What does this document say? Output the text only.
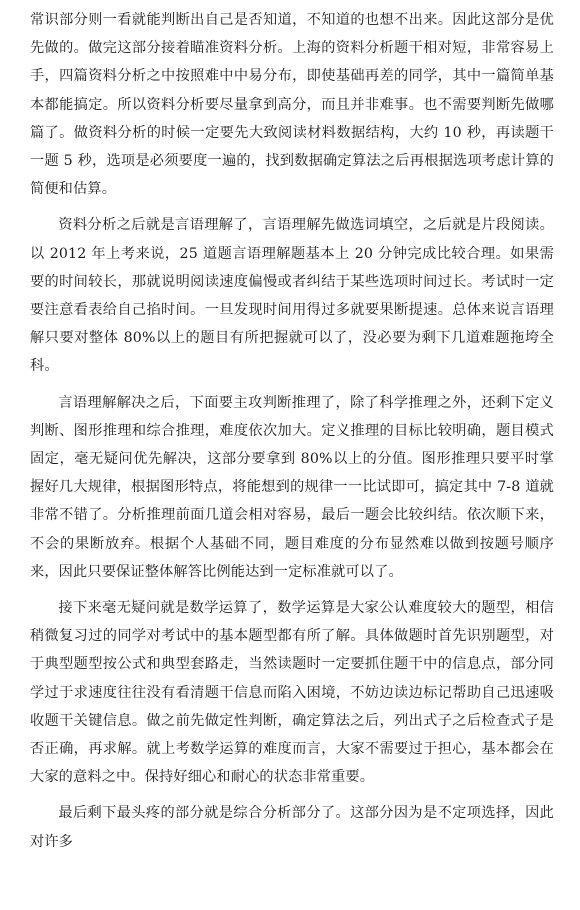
常识部分则一看就能判断出自己是否知道，不知道的也想不出来。因此这部分是优先做的。做完这部分接着瞄准资料分析。上海的资料分析题干相对短，非常容易上手，四篇资料分析之中按照难中中易分布，即使基础再差的同学，其中一篇简单基本都能搞定。所以资料分析要尽量拿到高分，而且并非难事。也不需要判断先做哪篇了。做资料分析的时候一定要先大致阅读材料数据结构，大约 10 秒，再读题干一题 5 秒，选项是必须要度一遍的，找到数据确定算法之后再根据选项考虑计算的简便和估算。

资料分析之后就是言语理解了，言语理解先做选词填空，之后就是片段阅读。以 2012 年上考来说，25 道题言语理解题基本上 20 分钟完成比较合理。如果需要的时间较长，那就说明阅读速度偏慢或者纠结于某些选项时间过长。考试时一定要注意看表给自己掐时间。一旦发现时间用得过多就要果断提速。总体来说言语理解只要对整体 80%以上的题目有所把握就可以了，没必要为剩下几道难题拖垮全科。

言语理解解决之后，下面要主攻判断推理了，除了科学推理之外，还剩下定义判断、图形推理和综合推理，难度依次加大。定义推理的目标比较明确，题目模式固定，毫无疑问优先解决，这部分要拿到 80%以上的分值。图形推理只要平时掌握好几大规律，根据图形特点，将能想到的规律一一比试即可，搞定其中 7-8 道就非常不错了。分析推理前面几道会相对容易，最后一题会比较纠结。依次顺下来，不会的果断放弃。根据个人基础不同，题目难度的分布显然难以做到按题号顺序来，因此只要保证整体解答比例能达到一定标准就可以了。

接下来毫无疑问就是数学运算了，数学运算是大家公认难度较大的题型，相信稍微复习过的同学对考试中的基本题型都有所了解。具体做题时首先识别题型，对于典型题型按公式和典型套路走，当然读题时一定要抓住题干中的信息点，部分同学过于求速度往往没有看清题干信息而陷入困境，不妨边读边标记帮助自己迅速吸收题干关键信息。做之前先做定性判断，确定算法之后，列出式子之后检查式子是否正确，再求解。就上考数学运算的难度而言，大家不需要过于担心，基本都会在大家的意料之中。保持好细心和耐心的状态非常重要。

最后剩下最头疼的部分就是综合分析部分了。这部分因为是不定项选择，因此对许多
